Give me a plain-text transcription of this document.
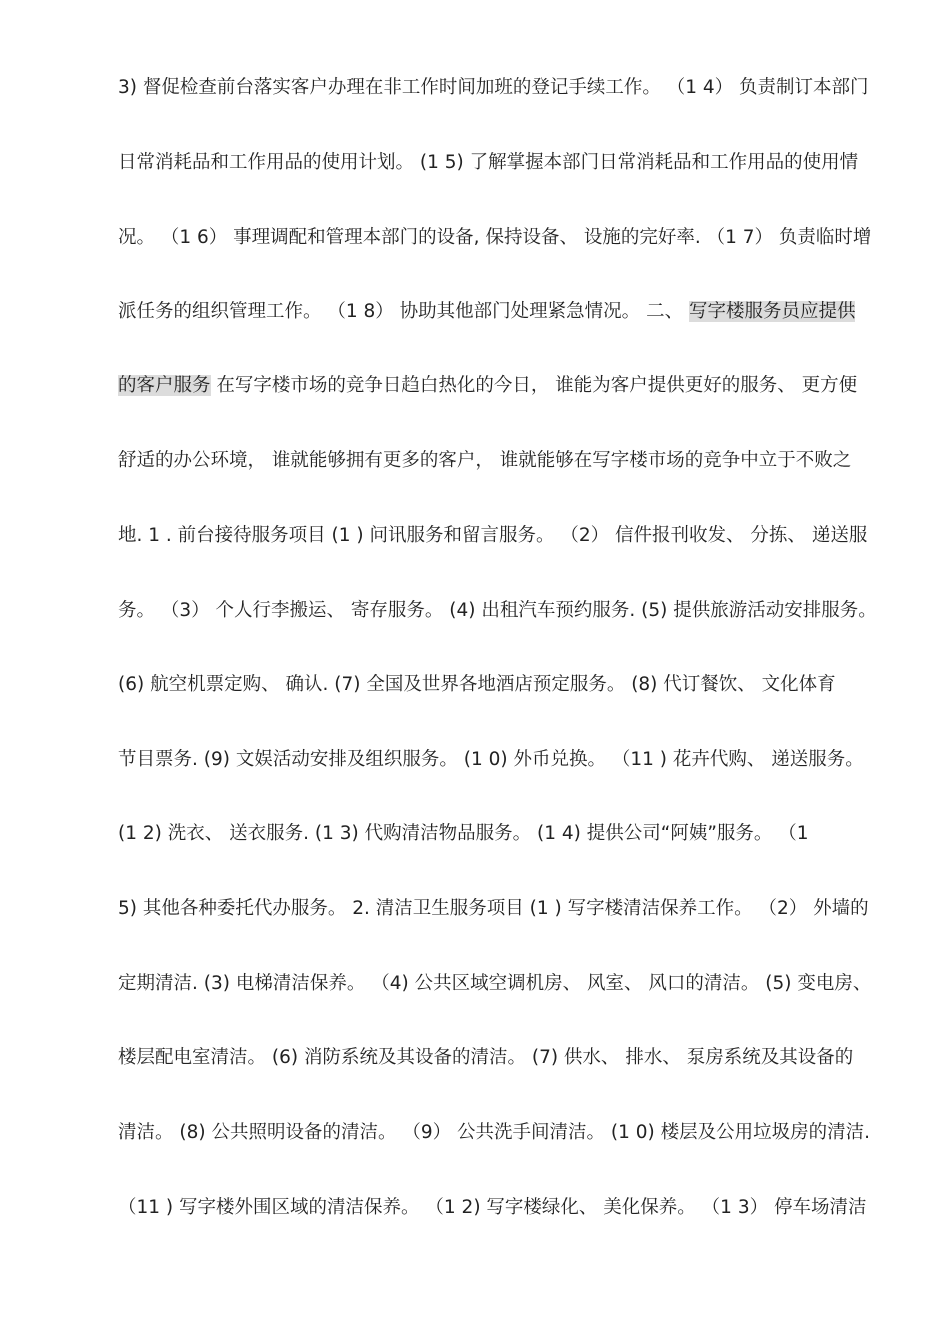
3) 督促检查前台落实客户办理在非工作时间加班的登记手续工作。 （1 4） 负责制订本部门
日常消耗品和工作用品的使用计划。 (1 5) 了解掌握本部门日常消耗品和工作用品的使用情
况。 （1 6） 事理调配和管理本部门的设备, 保持设备、 设施的完好率. （1 7） 负责临时增
派任务的组织管理工作。 （1 8） 协助其他部门处理紧急情况。 二、 写字楼服务员应提供
的客户服务 在写字楼市场的竞争日趋白热化的今日， 谁能为客户提供更好的服务、 更方便
舒适的办公环境， 谁就能够拥有更多的客户， 谁就能够在写字楼市场的竞争中立于不败之
地. 1 . 前台接待服务项目 (1 ) 问讯服务和留言服务。 （2） 信件报刊收发、 分拣、 递送服
务。 （3） 个人行李搬运、 寄存服务。 (4) 出租汽车预约服务. (5) 提供旅游活动安排服务。
(6) 航空机票定购、 确认. (7) 全国及世界各地酒店预定服务。 (8) 代订餐饮、 文化体育
节目票务. (9) 文娱活动安排及组织服务。 (1 0) 外币兑换。 （11 ) 花卉代购、 递送服务。
(1 2) 洗衣、 送衣服务. (1 3) 代购清洁物品服务。 (1 4) 提供公司“阿姨”服务。 （1
5) 其他各种委托代办服务。 2. 清洁卫生服务项目 (1 ) 写字楼清洁保养工作。 （2） 外墙的
定期清洁. (3) 电梯清洁保养。 （4) 公共区域空调机房、 风室、 风口的清洁。 (5) 变电房、
楼层配电室清洁。 (6) 消防系统及其设备的清洁。 (7) 供水、 排水、 泵房系统及其设备的
清洁。 (8) 公共照明设备的清洁。 （9） 公共洗手间清洁。 (1 0) 楼层及公用垃圾房的清洁.
（11 ) 写字楼外围区域的清洁保养。 （1 2) 写字楼绿化、 美化保养。 （1 3） 停车场清洁
